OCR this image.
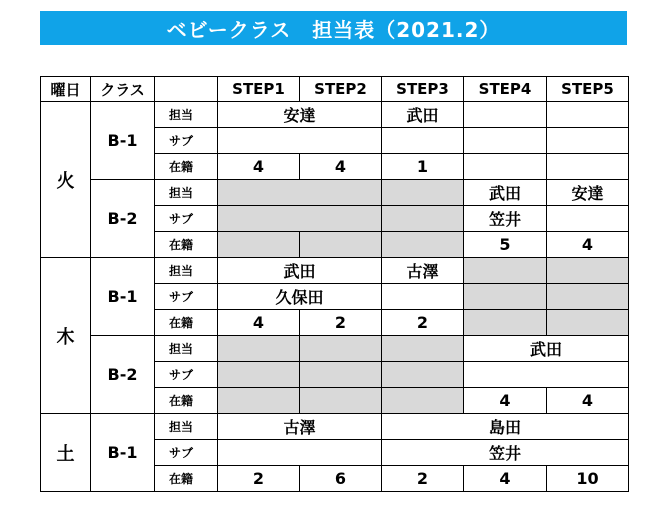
ベビークラス　担当表（2021.2）
曜日	クラス		STEP1	STEP2	STEP3	STEP4	STEP5
火	B-1	担当	安達		武田		
		サブ					
		在籍	4	4	1		
	B-2	担当				武田	安達
		サブ				笠井	
		在籍				5	4
木	B-1	担当	武田		古澤		
		サブ	久保田				
		在籍	4	2	2		
	B-2	担当				武田	
		サブ					
		在籍				4	4
土	B-1	担当	古澤		島田		
		サブ			笠井		
		在籍	2	6	2	4	10
